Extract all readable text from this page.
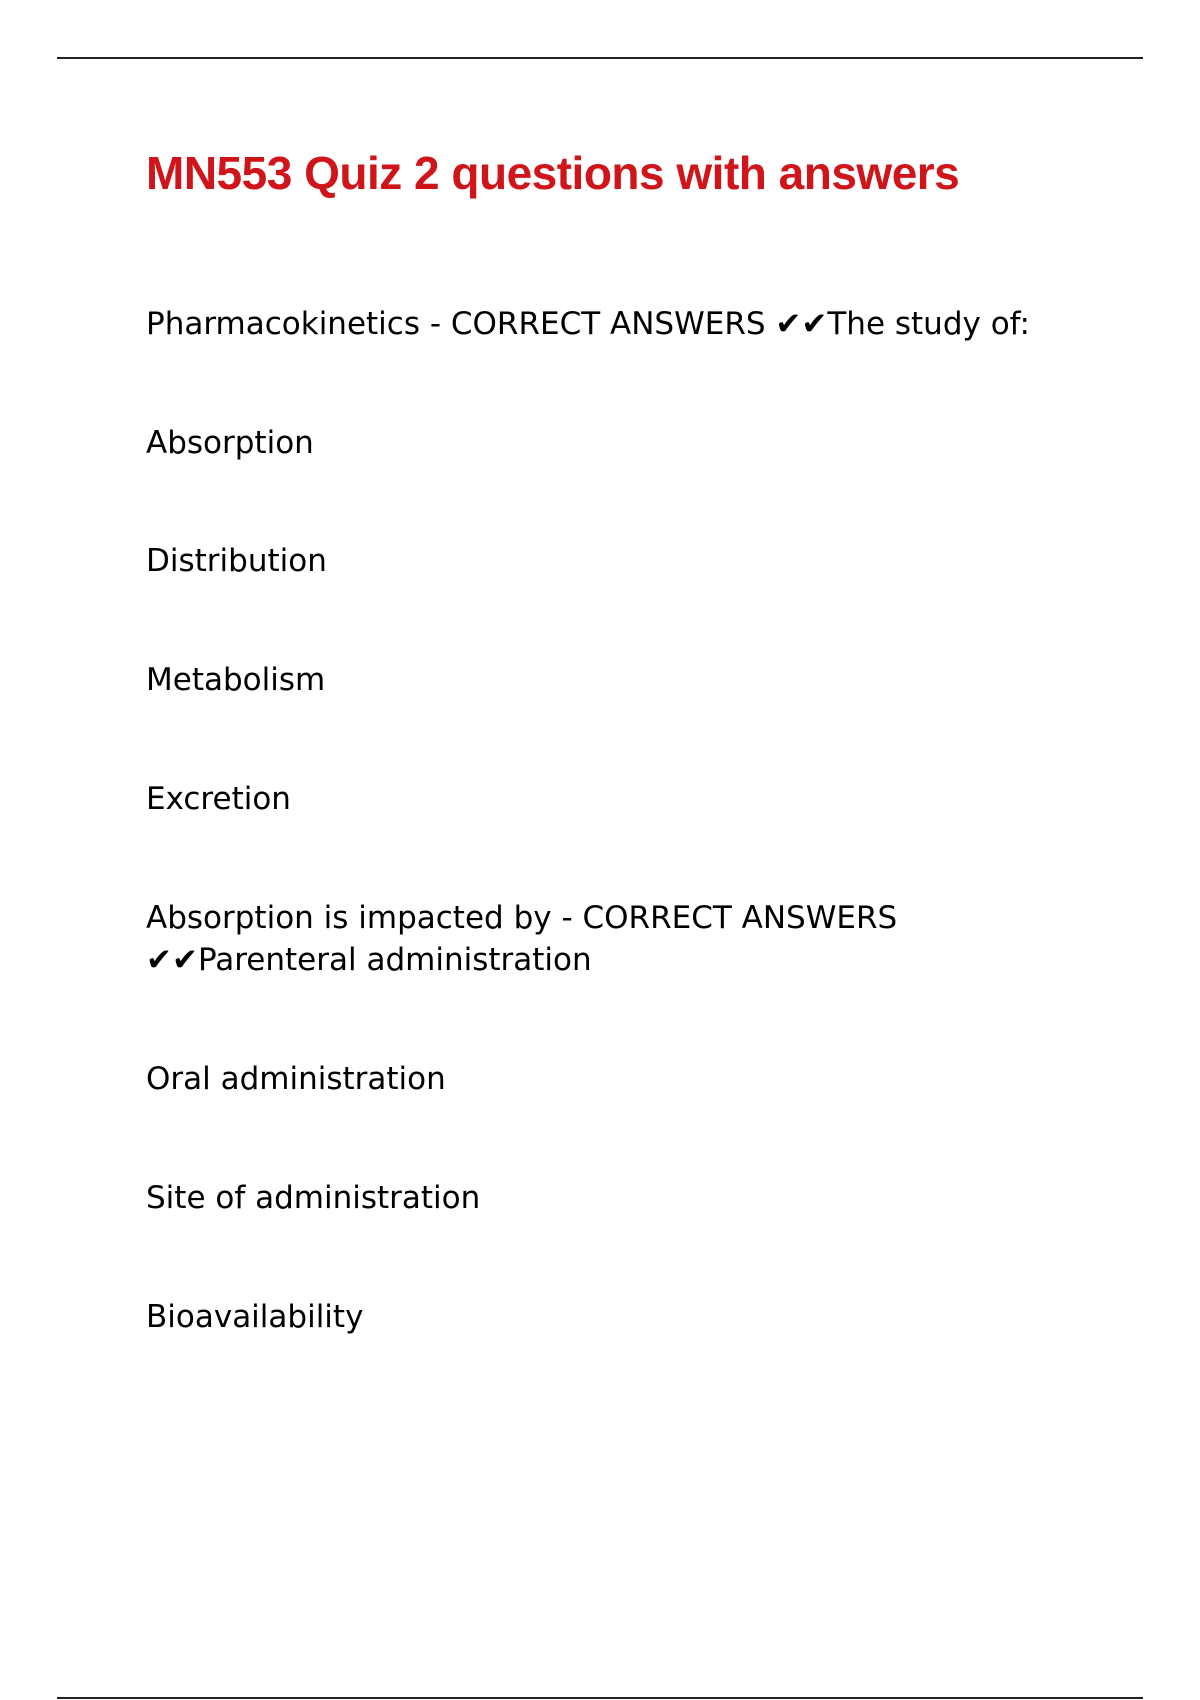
MN553 Quiz 2 questions with answers

Pharmacokinetics - CORRECT ANSWERS ✔✔The study of:

Absorption

Distribution

Metabolism

Excretion

Absorption is impacted by - CORRECT ANSWERS ✔✔Parenteral administration

Oral administration

Site of administration

Bioavailability
